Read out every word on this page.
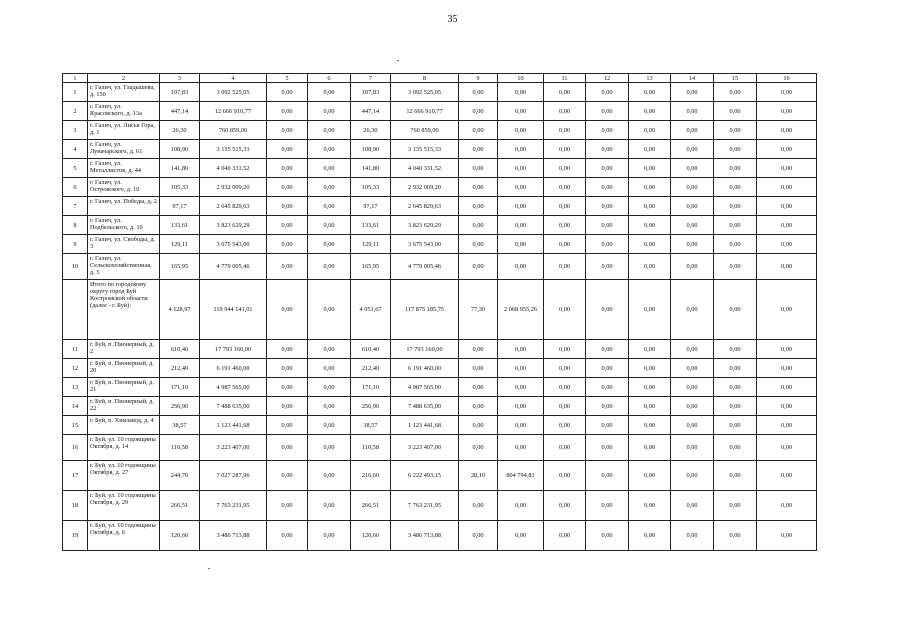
35
1	2	3	4	5	6	7	8	9	10	11	12	13	14	15	16
1	г. Галич, ул. Гладышева, д. 150	107,83	3 092 525,05	0,00	0,00	107,83	3 092 525,05	0,00	0,00	0,00	0,00	0,00	0,00	0,00	0,00
2	г. Галич, ул. Красовского, д. 13а	447,14	12 666 910,77	0,00	0,00	447,14	12 666 910,77	0,00	0,00	0,00	0,00	0,00	0,00	0,00	0,00
3	г. Галич, ул. Лиcья Гора, д. 1	26,30	760 859,00	0,00	0,00	26,30	760 859,00	0,00	0,00	0,00	0,00	0,00	0,00	0,00	0,00
4	г. Галич, ул. Луначарского, д. 61	108,90	3 135 515,33	0,00	0,00	108,90	3 135 515,33	0,00	0,00	0,00	0,00	0,00	0,00	0,00	0,00
5	г. Галич, ул. Металлистов, д. 44	141,80	4 040 331,52	0,00	0,00	141,80	4 040 331,52	0,00	0,00	0,00	0,00	0,00	0,00	0,00	0,00
6	г. Галич, ул. Островского, д. 10	105,33	2 932 009,20	0,00	0,00	105,33	2 932 009,20	0,00	0,00	0,00	0,00	0,00	0,00	0,00	0,00
7	г. Галич, ул. Победы, д. 2	97,17	2 645 829,63	0,00	0,00	97,17	2 645 829,63	0,00	0,00	0,00	0,00	0,00	0,00	0,00	0,00
8	г. Галич, ул. Подбельского, д. 10	133,61	3 823 629,29	0,00	0,00	133,61	3 823 629,29	0,00	0,00	0,00	0,00	0,00	0,00	0,00	0,00
9	г. Галич, ул. Свободы, д. 3	129,11	3 675 543,00	0,00	0,00	129,11	3 675 543,00	0,00	0,00	0,00	0,00	0,00	0,00	0,00	0,00
10	г. Галич, ул. Сельскохозяйственная, д. 5	165,95	4 779 005,46	0,00	0,00	165,95	4 779 005,46	0,00	0,00	0,00	0,00	0,00	0,00	0,00	0,00
	Итого по городскому округу город Буй Костромской области (далее - г. Буй):	4 128,97	119 944 141,01	0,00	0,00	4 051,67	117 875 185,75	77,30	2 068 955,26	0,00	0,00	0,00	0,00	0,00	0,00
11	г. Буй, п. Пионерный, д. 2	610,40	17 793 160,00	0,00	0,00	610,40	17 793 160,00	0,00	0,00	0,00	0,00	0,00	0,00	0,00	0,00
12	г. Буй, п. Пионерный, д. 20	212,40	6 191 460,00	0,00	0,00	212,40	6 191 460,00	0,00	0,00	0,00	0,00	0,00	0,00	0,00	0,00
13	г. Буй, п. Пионерный, д. 21	171,10	4 987 565,00	0,00	0,00	171,10	4 987 565,00	0,00	0,00	0,00	0,00	0,00	0,00	0,00	0,00
14	г. Буй, п. Пионерный, д. 22	256,90	7 488 635,00	0,00	0,00	256,90	7 488 635,00	0,00	0,00	0,00	0,00	0,00	0,00	0,00	0,00
15	г. Буй, п. Химзавод, д. 4	38,57	1 123 441,68	0,00	0,00	38,57	1 123 441,68	0,00	0,00	0,00	0,00	0,00	0,00	0,00	0,00
16	г. Буй, ул. 10 годовщины Октября, д. 14	110,58	3 223 407,00	0,00	0,00	110,58	3 223 407,00	0,00	0,00	0,00	0,00	0,00	0,00	0,00	0,00
17	г. Буй, ул. 10 годовщины Октября, д. 27	244,70	7 027 287,96	0,00	0,00	216,60	6 222 493,15	28,10	804 794,81	0,00	0,00	0,00	0,00	0,00	0,00
18	г. Буй, ул. 10 годовщины Октября, д. 29	266,51	7 763 231,95	0,00	0,00	266,51	7 763 231,95	0,00	0,00	0,00	0,00	0,00	0,00	0,00	0,00
19	г. Буй, ул. 10 годовщины Октября, д. 6	120,60	3 486 713,88	0,00	0,00	120,60	3 486 713,88	0,00	0,00	0,00	0,00	0,00	0,00	0,00	0,00
